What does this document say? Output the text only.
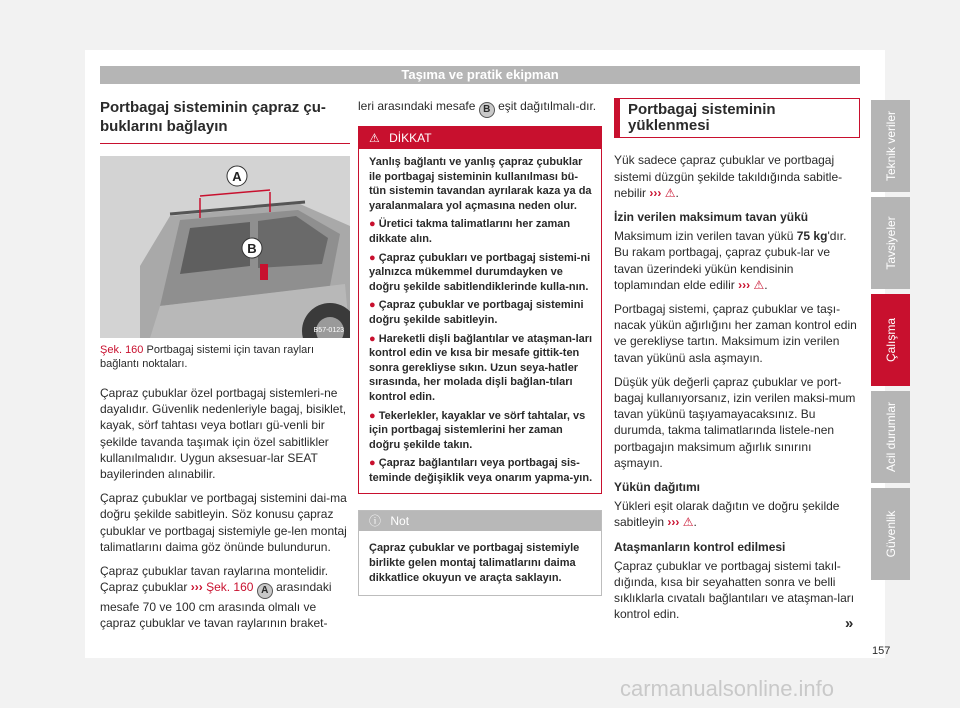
Taşıma ve pratik ekipman
Portbagaj sisteminin çapraz çu-buklarını bağlayın
A
B
B57-0123
Şek. 160 Portbagaj sistemi için tavan rayları bağlantı noktaları.

Çapraz çubuklar özel portbagaj sistemleri-ne dayalıdır. Güvenlik nedenleriyle bagaj, bisiklet, kayak, sörf tahtası veya botları gü-venli bir şekilde tavanda taşımak için özel sabitlikler kullanılmalıdır. Uygun aksesuar-lar SEAT bayilerinden alınabilir.

Çapraz çubuklar ve portbagaj sistemini dai-ma doğru şekilde sabitleyin. Söz konusu çapraz çubuklar ve portbagaj sistemiyle ge-len montaj talimatlarını daima göz önünde bulundurun.

Çapraz çubuklar tavan raylarına montelidir. Çapraz çubuklar ››› Şek. 160 A arasındaki mesafe 70 ve 100 cm arasında olmalı ve çapraz çubuklar ve tavan raylarının braket-

leri arasındaki mesafe B eşit dağıtılmalı-dır.

⚠ DİKKAT
Yanlış bağlantı ve yanlış çapraz çubuklar ile portbagaj sisteminin kullanılması bü-tün sistemin tavandan ayrılarak kaza ya da yaralanmalara yol açmasına neden olur.
● Üretici takma talimatlarını her zaman dikkate alın.
● Çapraz çubukları ve portbagaj sistemi-ni yalnızca mükemmel durumdayken ve doğru şekilde sabitlendiklerinde kulla-nın.
● Çapraz çubuklar ve portbagaj sistemini doğru şekilde sabitleyin.
● Hareketli dişli bağlantılar ve ataşman-ları kontrol edin ve kısa bir mesafe gittik-ten sonra gerekliyse sıkın. Uzun seya-hatler sırasında, her molada dişli bağlan-tıları kontrol edin.
● Tekerlekler, kayaklar ve sörf tahtalar, vs için portbagaj sistemlerini her zaman doğru şekilde takın.
● Çapraz bağlantıları veya portbagaj sis-teminde değişiklik veya onarım yapma-yın.
ⓘ Not
Çapraz çubuklar ve portbagaj sistemiyle birlikte gelen montaj talimatlarını daima dikkatlice okuyun ve araçta saklayın.
Portbagaj sisteminin yüklenmesi

Yük sadece çapraz çubuklar ve portbagaj sistemi düzgün şekilde takıldığında sabitle-nebilir ››› ⚠.

İzin verilen maksimum tavan yükü

Maksimum izin verilen tavan yükü 75 kg'dır. Bu rakam portbagaj, çapraz çubuk-lar ve tavan üzerindeki yükün kendisinin toplamından elde edilir ››› ⚠.

Portbagaj sistemi, çapraz çubuklar ve taşı-nacak yükün ağırlığını her zaman kontrol edin ve gerekliyse tartın. Maksimum izin verilen tavan yükünü asla aşmayın.

Düşük yük değerli çapraz çubuklar ve port-bagaj kullanıyorsanız, izin verilen maksi-mum tavan yükünü taşıyamayacaksınız. Bu durumda, takma talimatlarında listele-nen portbagajın maksimum ağırlık sınırını aşmayın.

Yükün dağıtımı

Yükleri eşit olarak dağıtın ve doğru şekilde sabitleyin ››› ⚠.

Ataşmanların kontrol edilmesi

Çapraz çubuklar ve portbagaj sistemi takıl-dığında, kısa bir seyahatten sonra ve belli sıklıklarla cıvatalı bağlantıları ve ataşman-ları kontrol edin.

Teknik veriler
Tavsiyeler
Çalışma
Acil durumlar
Güvenlik
»
157
carmanualsonline.info
